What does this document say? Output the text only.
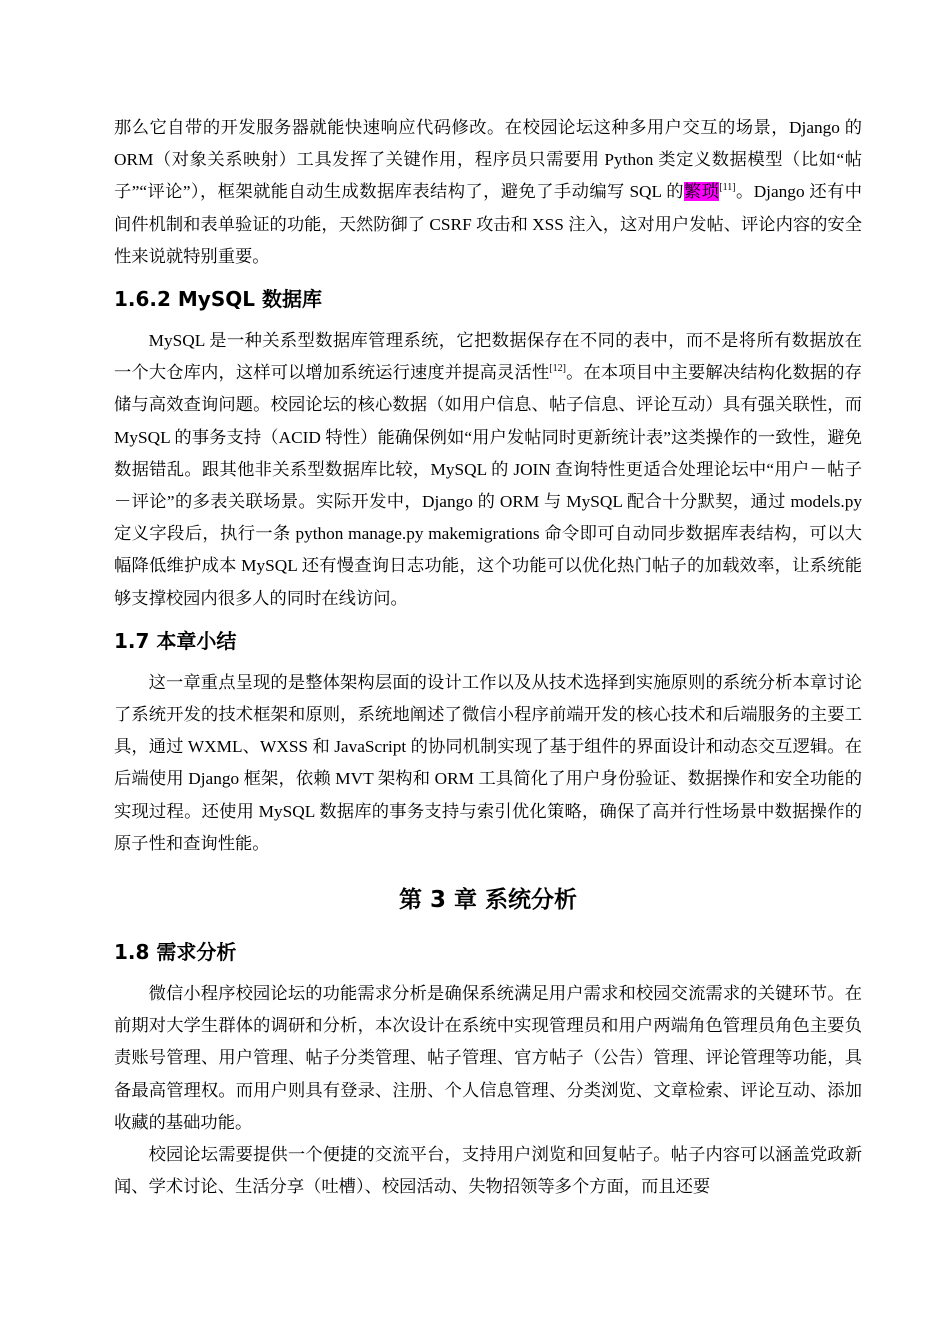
那么它自带的开发服务器就能快速响应代码修改。在校园论坛这种多用户交互的场景，Django 的 ORM（对象关系映射）工具发挥了关键作用，程序员只需要用 Python 类定义数据模型（比如“帖子”“评论”），框架就能自动生成数据库表结构了，避免了手动编写 SQL 的繁琐[11]。Django 还有中间件机制和表单验证的功能，天然防御了 CSRF 攻击和 XSS 注入，这对用户发帖、评论内容的安全性来说就特别重要。

1.6.2 MySQL 数据库

MySQL 是一种关系型数据库管理系统，它把数据保存在不同的表中，而不是将所有数据放在一个大仓库内，这样可以增加系统运行速度并提高灵活性[12]。在本项目中主要解决结构化数据的存储与高效查询问题。校园论坛的核心数据（如用户信息、帖子信息、评论互动）具有强关联性，而 MySQL 的事务支持（ACID 特性）能确保例如“用户发帖同时更新统计表”这类操作的一致性，避免数据错乱。跟其他非关系型数据库比较，MySQL 的 JOIN 查询特性更适合处理论坛中“用户－帖子－评论”的多表关联场景。实际开发中，Django 的 ORM 与 MySQL 配合十分默契，通过 models.py 定义字段后，执行一条 python manage.py makemigrations 命令即可自动同步数据库表结构，可以大幅降低维护成本 MySQL 还有慢查询日志功能，这个功能可以优化热门帖子的加载效率，让系统能够支撑校园内很多人的同时在线访问。

1.7 本章小结

这一章重点呈现的是整体架构层面的设计工作以及从技术选择到实施原则的系统分析本章讨论了系统开发的技术框架和原则，系统地阐述了微信小程序前端开发的核心技术和后端服务的主要工具，通过 WXML、WXSS 和 JavaScript 的协同机制实现了基于组件的界面设计和动态交互逻辑。在后端使用 Django 框架，依赖 MVT 架构和 ORM 工具简化了用户身份验证、数据操作和安全功能的实现过程。还使用 MySQL 数据库的事务支持与索引优化策略，确保了高并行性场景中数据操作的原子性和查询性能。

第 3 章 系统分析
1.8 需求分析

微信小程序校园论坛的功能需求分析是确保系统满足用户需求和校园交流需求的关键环节。在前期对大学生群体的调研和分析，本次设计在系统中实现管理员和用户两端角色管理员角色主要负责账号管理、用户管理、帖子分类管理、帖子管理、官方帖子（公告）管理、评论管理等功能，具备最高管理权。而用户则具有登录、注册、个人信息管理、分类浏览、文章检索、评论互动、添加收藏的基础功能。

校园论坛需要提供一个便捷的交流平台，支持用户浏览和回复帖子。帖子内容可以涵盖党政新闻、学术讨论、生活分享（吐槽）、校园活动、失物招领等多个方面，而且还要
